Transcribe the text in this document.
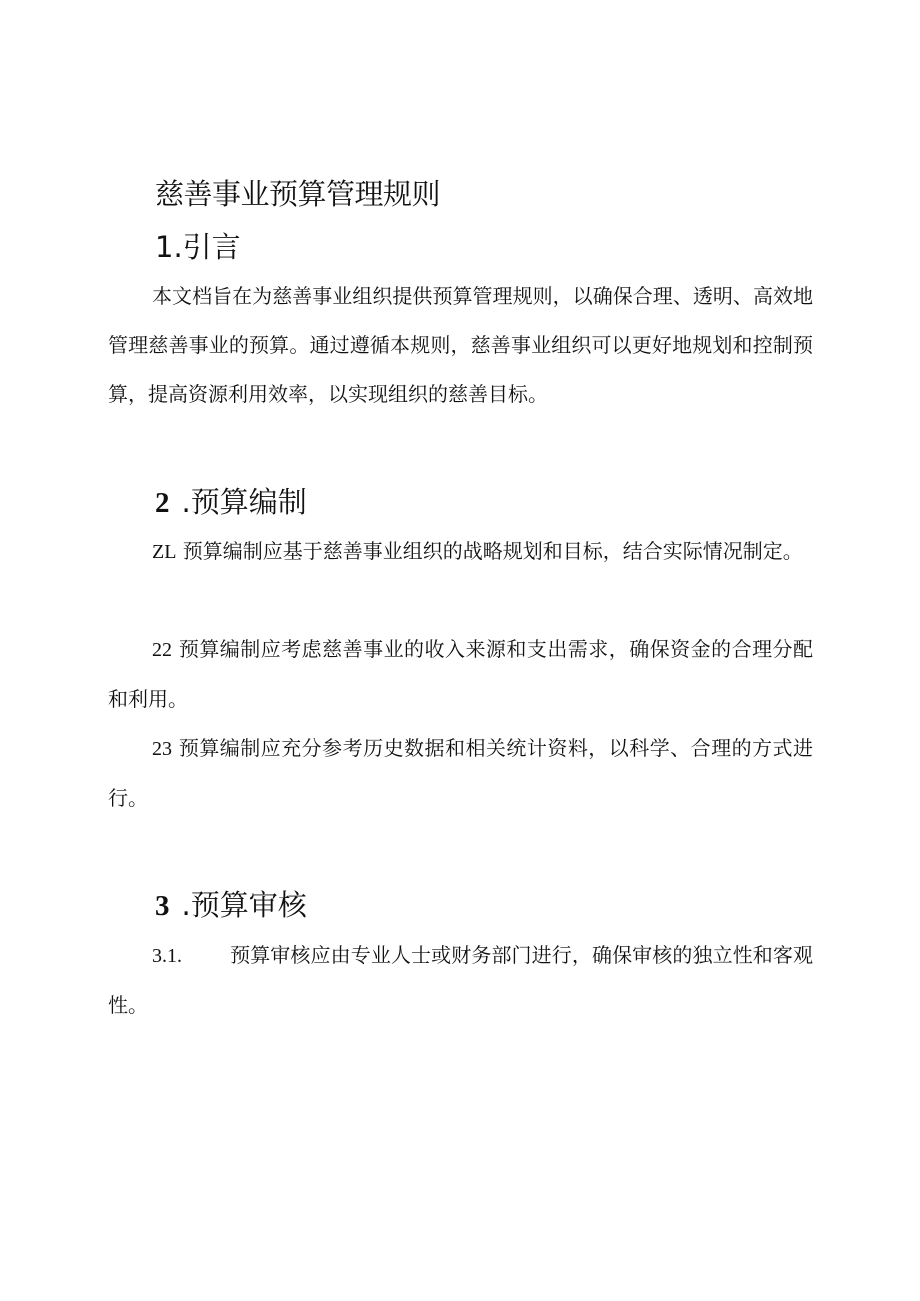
慈善事业预算管理规则
1.引言

本文档旨在为慈善事业组织提供预算管理规则，以确保合理、透明、高效地管理慈善事业的预算。通过遵循本规则，慈善事业组织可以更好地规划和控制预算，提高资源利用效率，以实现组织的慈善目标。

2 .预算编制

ZL 预算编制应基于慈善事业组织的战略规划和目标，结合实际情况制定。

22 预算编制应考虑慈善事业的收入来源和支出需求，确保资金的合理分配和利用。

23 预算编制应充分参考历史数据和相关统计资料，以科学、合理的方式进行。

3 .预算审核

3.1. 预算审核应由专业人士或财务部门进行，确保审核的独立性和客观性。
